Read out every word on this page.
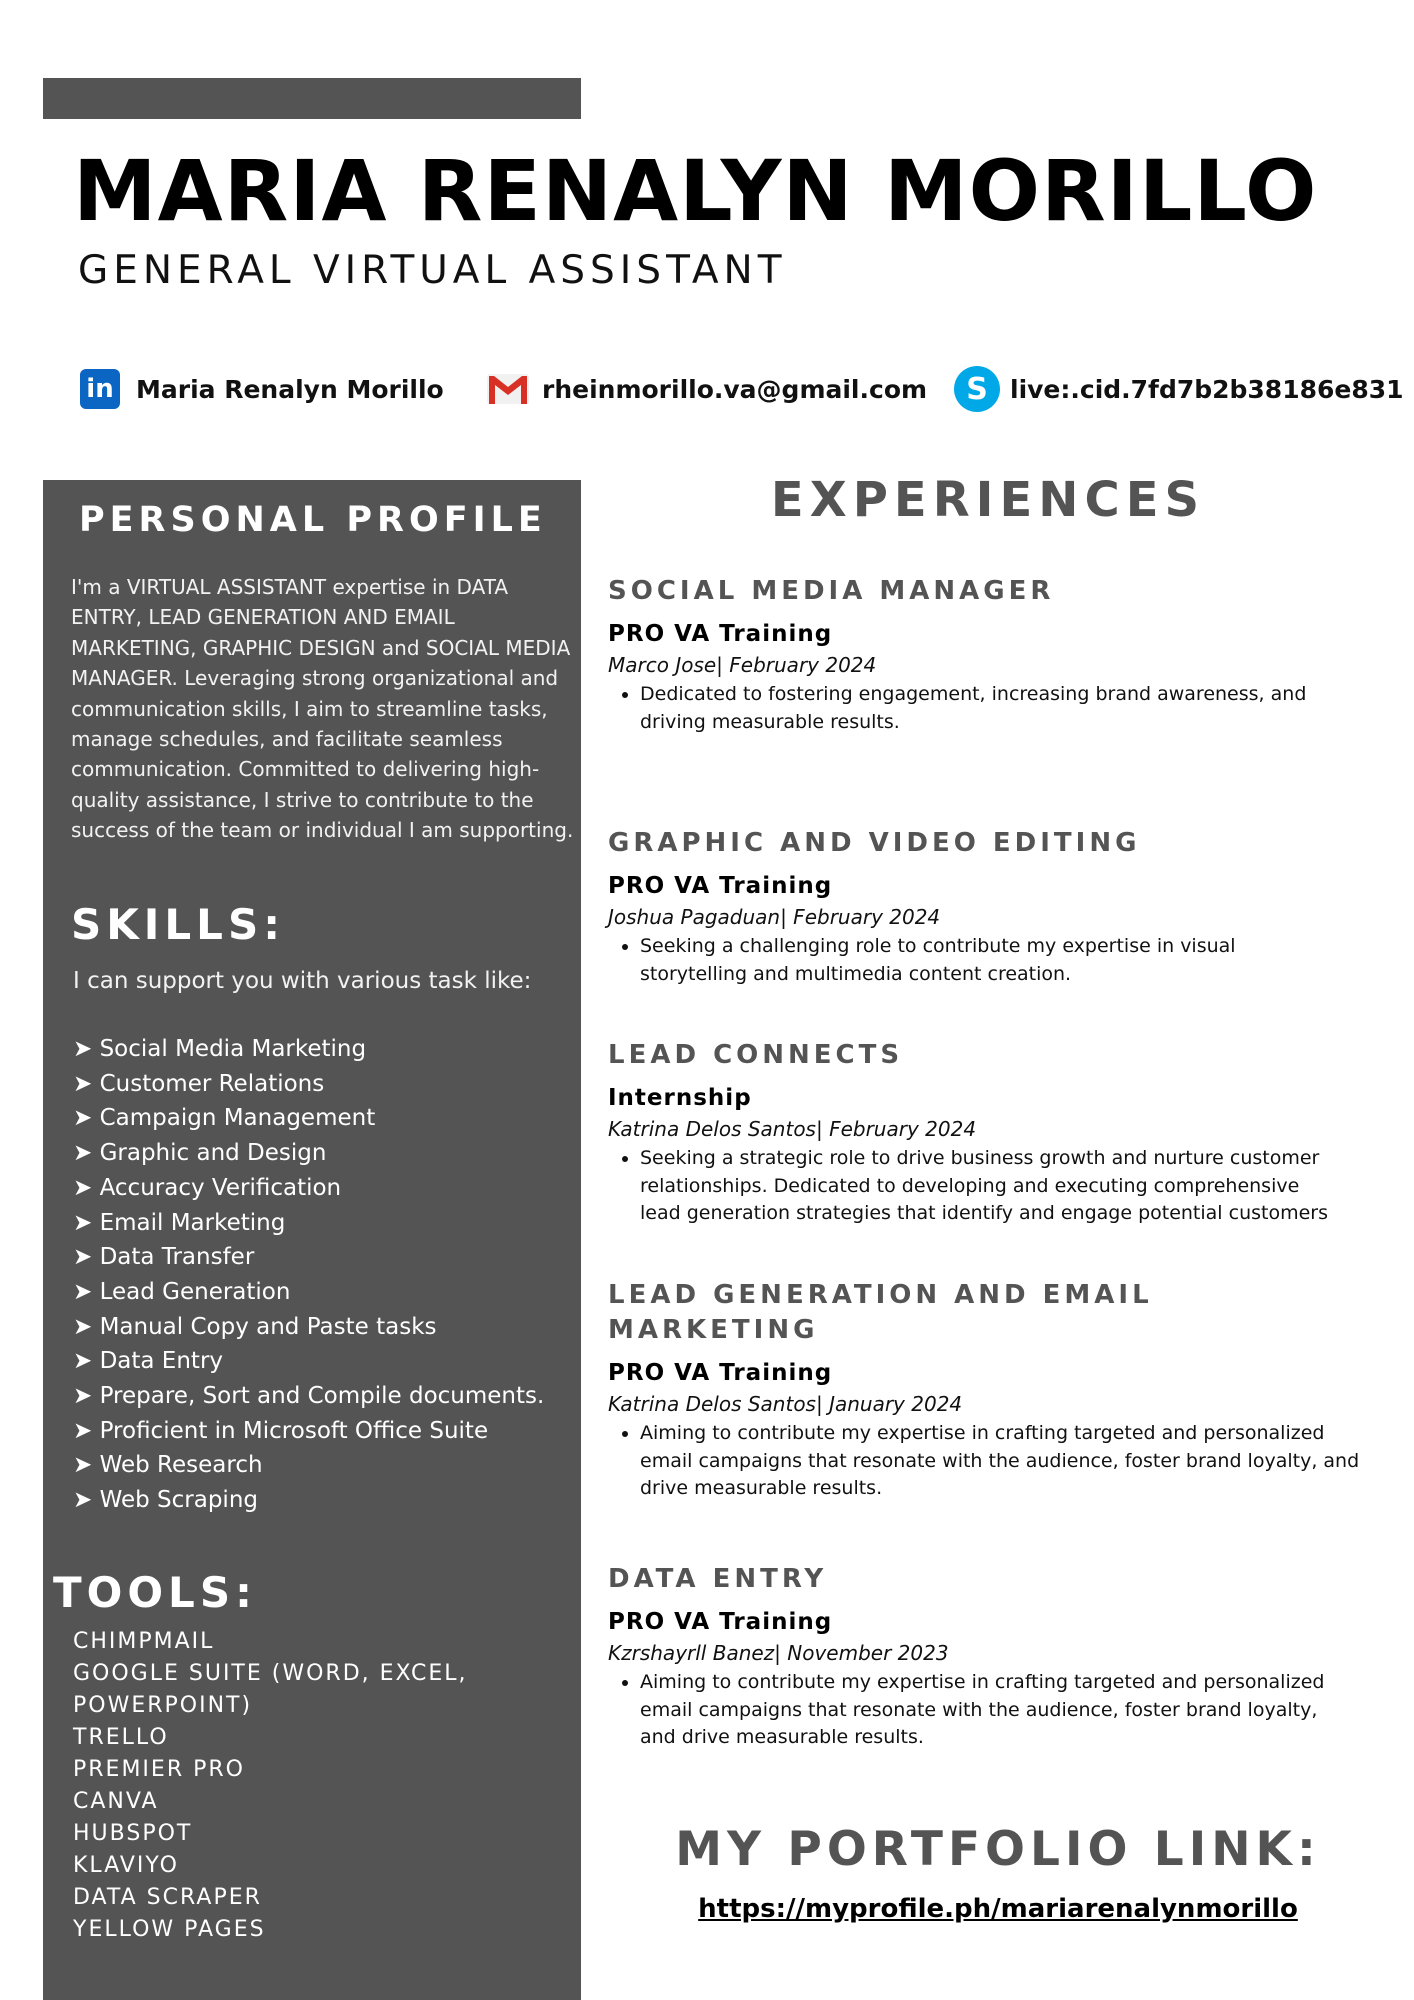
MARIA RENALYN MORILLO
GENERAL VIRTUAL ASSISTANT
in Maria Renalyn Morillo	rheinmorillo.va@gmail.com	S live:.cid.7fd7b2b38186e831
PERSONAL PROFILE

I'm a VIRTUAL ASSISTANT expertise in DATA ENTRY, LEAD GENERATION AND EMAIL MARKETING, GRAPHIC DESIGN and SOCIAL MEDIA MANAGER. Leveraging strong organizational and communication skills, I aim to streamline tasks, manage schedules, and facilitate seamless communication. Committed to delivering high-quality assistance, I strive to contribute to the success of the team or individual I am supporting.

SKILLS:
I can support you with various task like:
➤ Social Media Marketing
➤ Customer Relations
➤ Campaign Management
➤ Graphic and Design
➤ Accuracy Verification
➤ Email Marketing
➤ Data Transfer
➤ Lead Generation
➤ Manual Copy and Paste tasks
➤ Data Entry
➤ Prepare, Sort and Compile documents.
➤ Proficient in Microsoft Office Suite
➤ Web Research
➤ Web Scraping
TOOLS:
CHIMPMAIL
GOOGLE SUITE (WORD, EXCEL,
POWERPOINT)
TRELLO
PREMIER PRO
CANVA
HUBSPOT
KLAVIYO
DATA SCRAPER
YELLOW PAGES
EXPERIENCES
SOCIAL MEDIA MANAGER

PRO VA Training

Marco Jose| February 2024

• Dedicated to fostering engagement, increasing brand awareness, and driving measurable results.
GRAPHIC AND VIDEO EDITING

PRO VA Training

Joshua Pagaduan| February 2024

• Seeking a challenging role to contribute my expertise in visual storytelling and multimedia content creation.
LEAD CONNECTS

Internship

Katrina Delos Santos| February 2024

• Seeking a strategic role to drive business growth and nurture customer relationships. Dedicated to developing and executing comprehensive lead generation strategies that identify and engage potential customers
LEAD GENERATION AND EMAIL MARKETING

PRO VA Training

Katrina Delos Santos| January 2024

• Aiming to contribute my expertise in crafting targeted and personalized email campaigns that resonate with the audience, foster brand loyalty, and drive measurable results.
DATA ENTRY

PRO VA Training

Kzrshayrll Banez| November 2023

• Aiming to contribute my expertise in crafting targeted and personalized email campaigns that resonate with the audience, foster brand loyalty, and drive measurable results.
MY PORTFOLIO LINK:
https://myprofile.ph/mariarenalynmorillo
